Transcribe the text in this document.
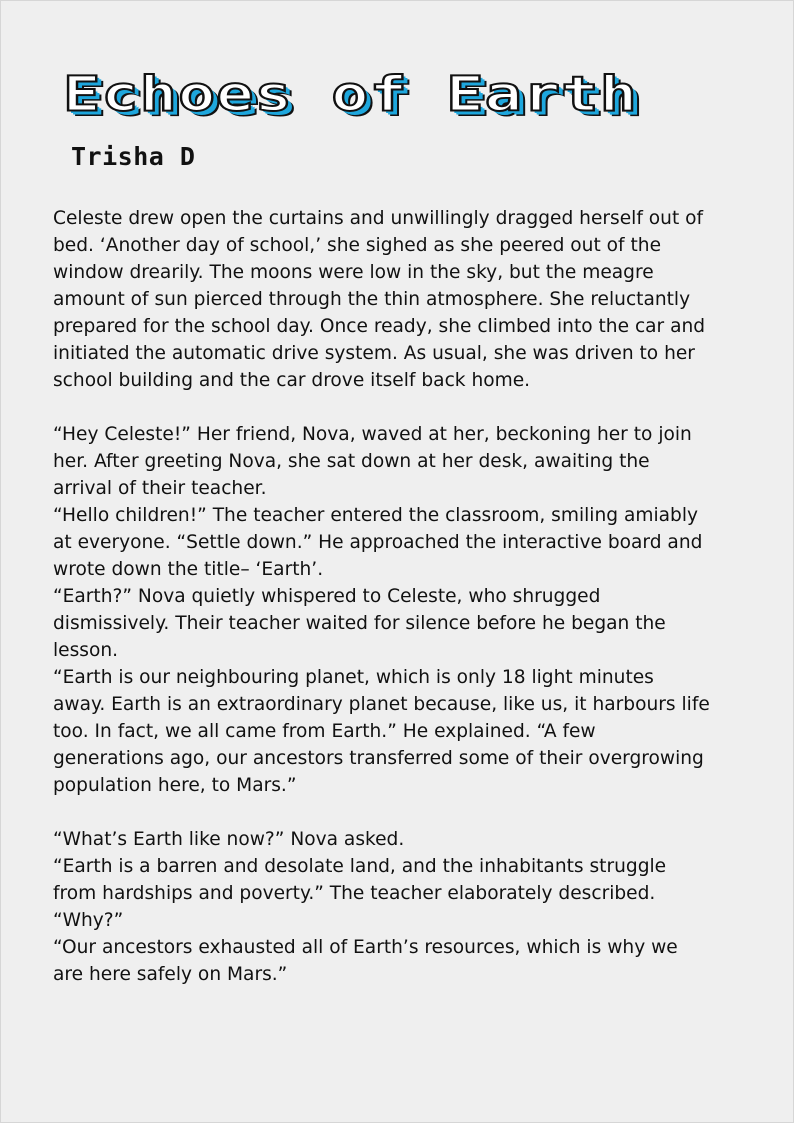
Echoes of Earth
Trisha D

Celeste drew open the curtains and unwillingly dragged herself out of

bed. ‘Another day of school,’ she sighed as she peered out of the

window drearily. The moons were low in the sky, but the meagre

amount of sun pierced through the thin atmosphere. She reluctantly

prepared for the school day. Once ready, she climbed into the car and

initiated the automatic drive system. As usual, she was driven to her

school building and the car drove itself back home.

“Hey Celeste!” Her friend, Nova, waved at her, beckoning her to join

her. After greeting Nova, she sat down at her desk, awaiting the

arrival of their teacher.

“Hello children!” The teacher entered the classroom, smiling amiably

at everyone. “Settle down.” He approached the interactive board and

wrote down the title– ‘Earth’.

“Earth?” Nova quietly whispered to Celeste, who shrugged

dismissively. Their teacher waited for silence before he began the

lesson.

“Earth is our neighbouring planet, which is only 18 light minutes

away. Earth is an extraordinary planet because, like us, it harbours life

too. In fact, we all came from Earth.” He explained. “A few

generations ago, our ancestors transferred some of their overgrowing

population here, to Mars.”

“What’s Earth like now?” Nova asked.

“Earth is a barren and desolate land, and the inhabitants struggle

from hardships and poverty.” The teacher elaborately described.

“Why?”

“Our ancestors exhausted all of Earth’s resources, which is why we

are here safely on Mars.”
